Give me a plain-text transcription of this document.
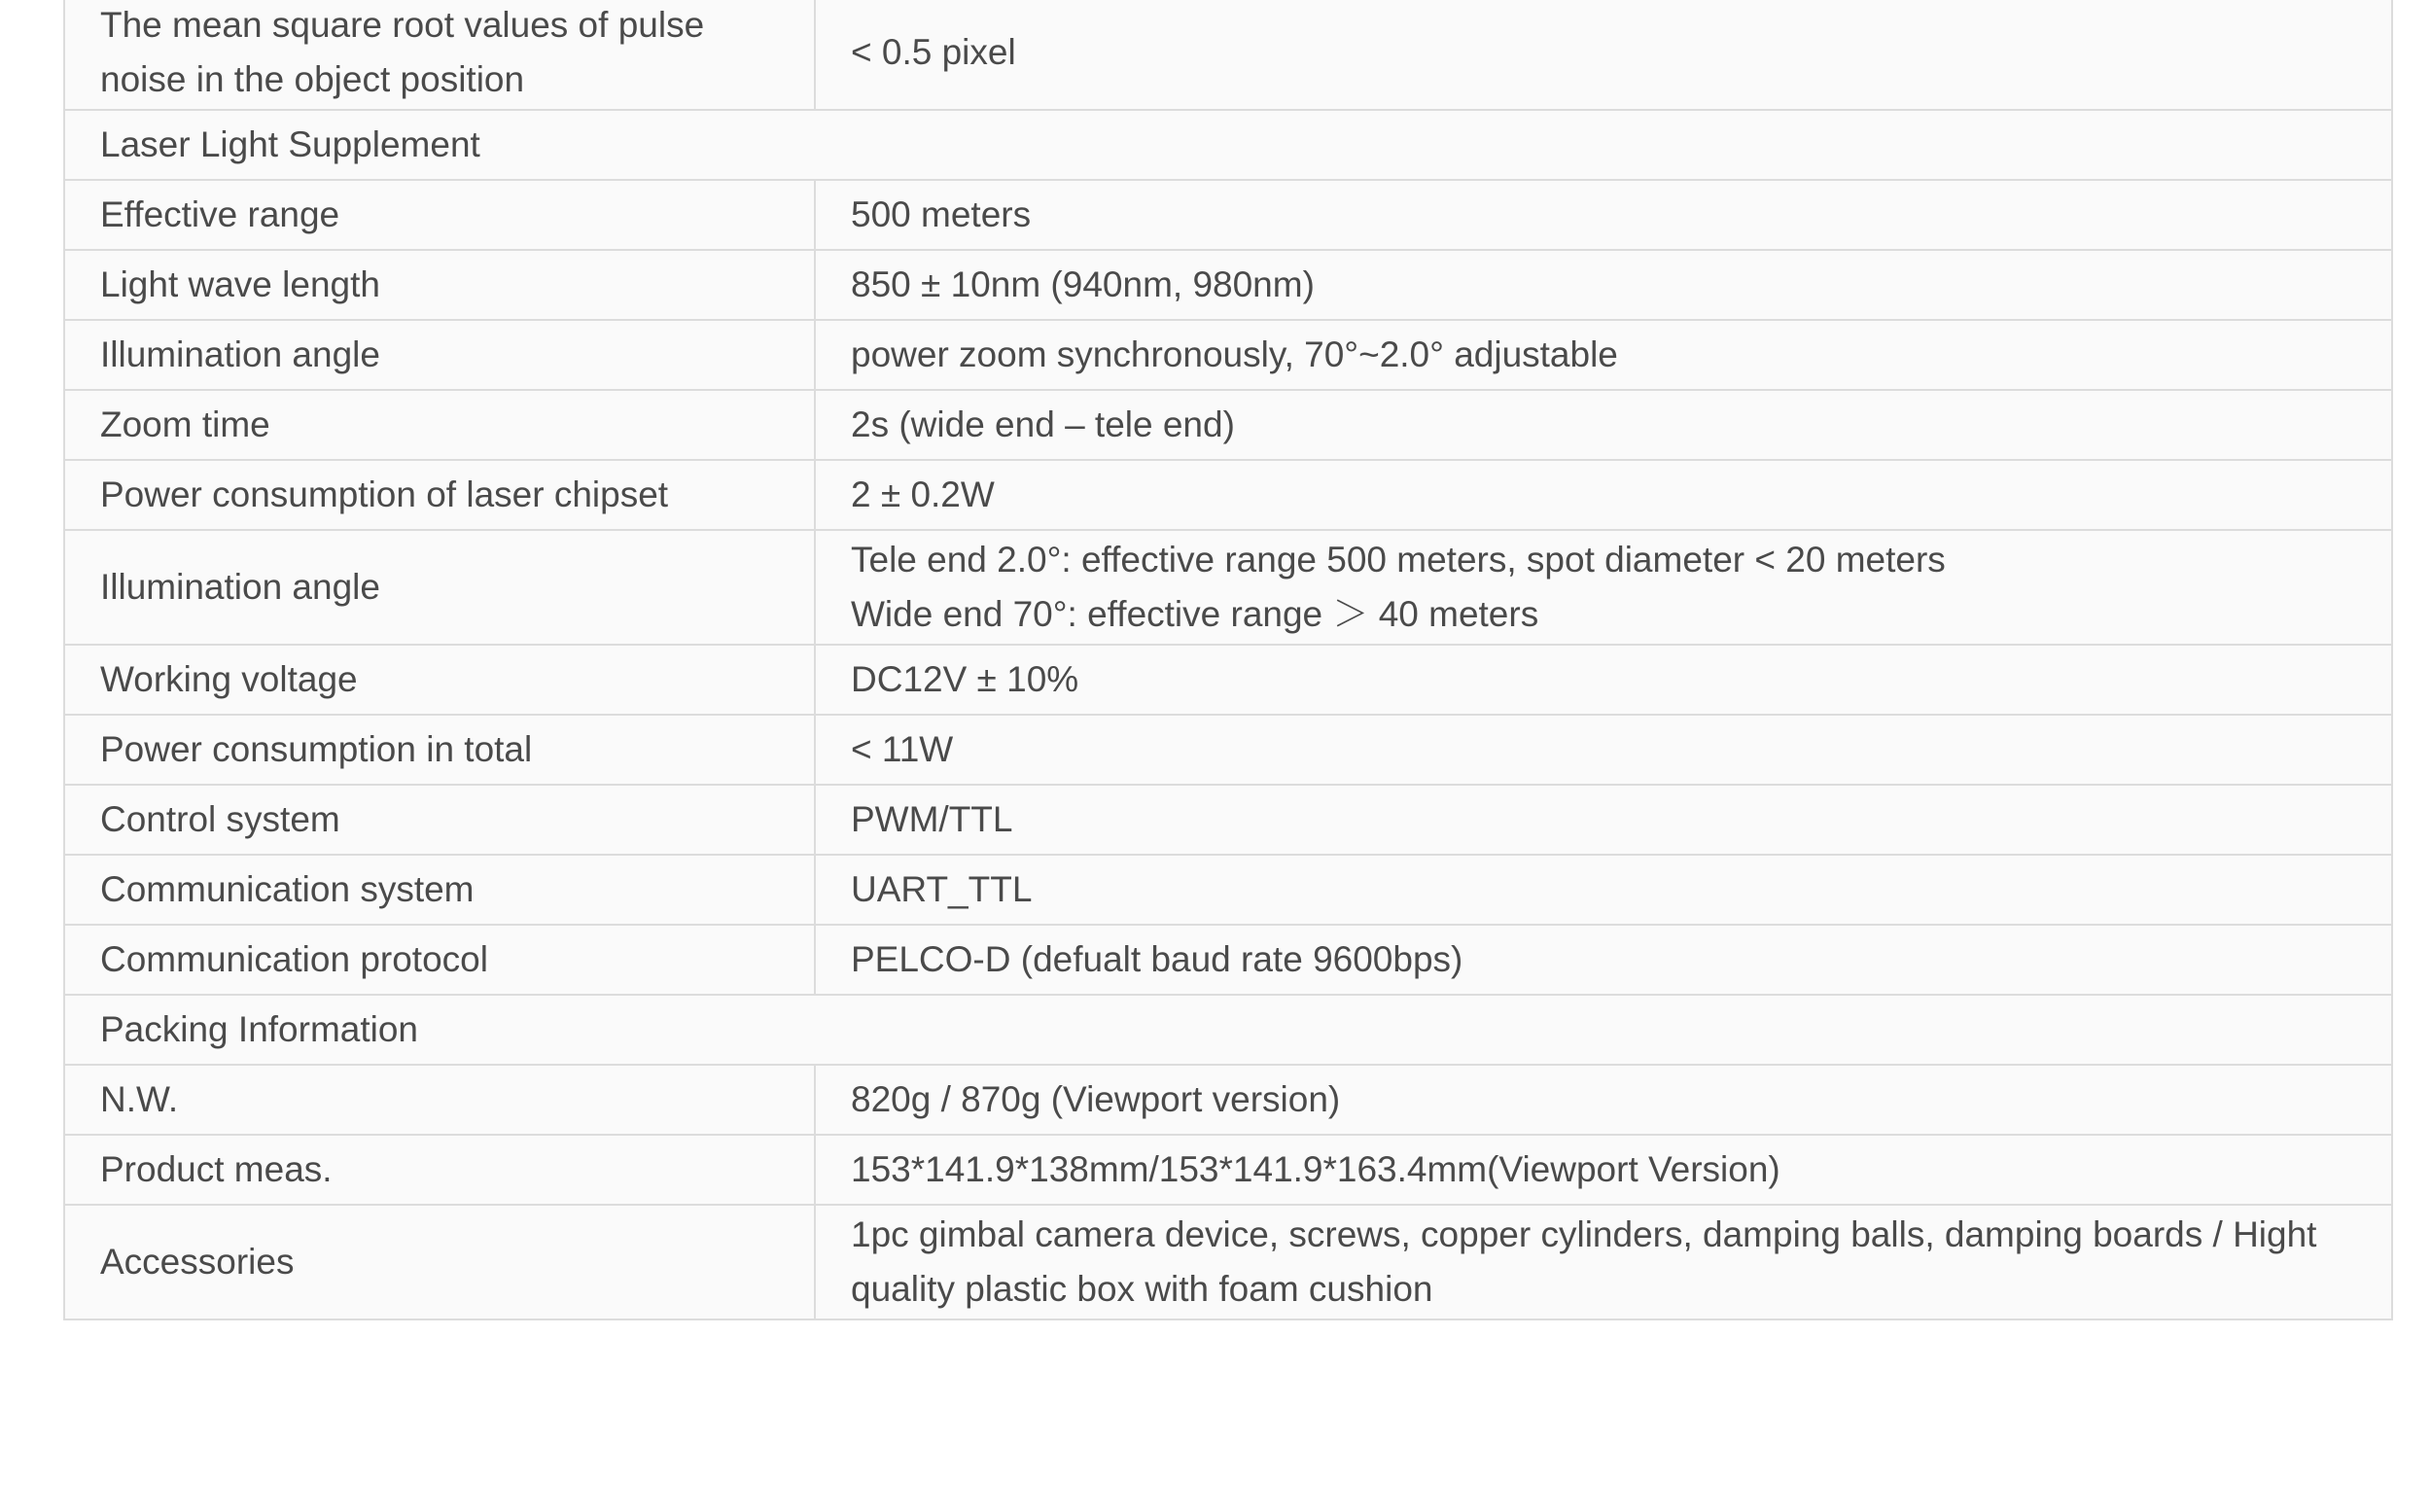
The mean square root values of pulse
noise in the object position	< 0.5 pixel

Laser Light Supplement	

Effective range	500 meters

Light wave length	850 ± 10nm (940nm, 980nm)

Illumination angle	power zoom synchronously, 70°~2.0° adjustable

Zoom time	2s (wide end – tele end)

Power consumption of laser chipset	2 ± 0.2W

Illumination angle	Tele end 2.0°: effective range 500 meters, spot diameter < 20 meters
Wide end 70°: effective range ＞ 40 meters

Working voltage	DC12V ± 10%

Power consumption in total	< 11W

Control system	PWM/TTL

Communication system	UART_TTL

Communication protocol	PELCO-D (defualt baud rate 9600bps)

Packing Information	

N.W.	820g / 870g (Viewport version)

Product meas.	153*141.9*138mm/153*141.9*163.4mm(Viewport Version)

Accessories	1pc gimbal camera device, screws, copper cylinders, damping balls, damping boards / Hight
quality plastic box with foam cushion
